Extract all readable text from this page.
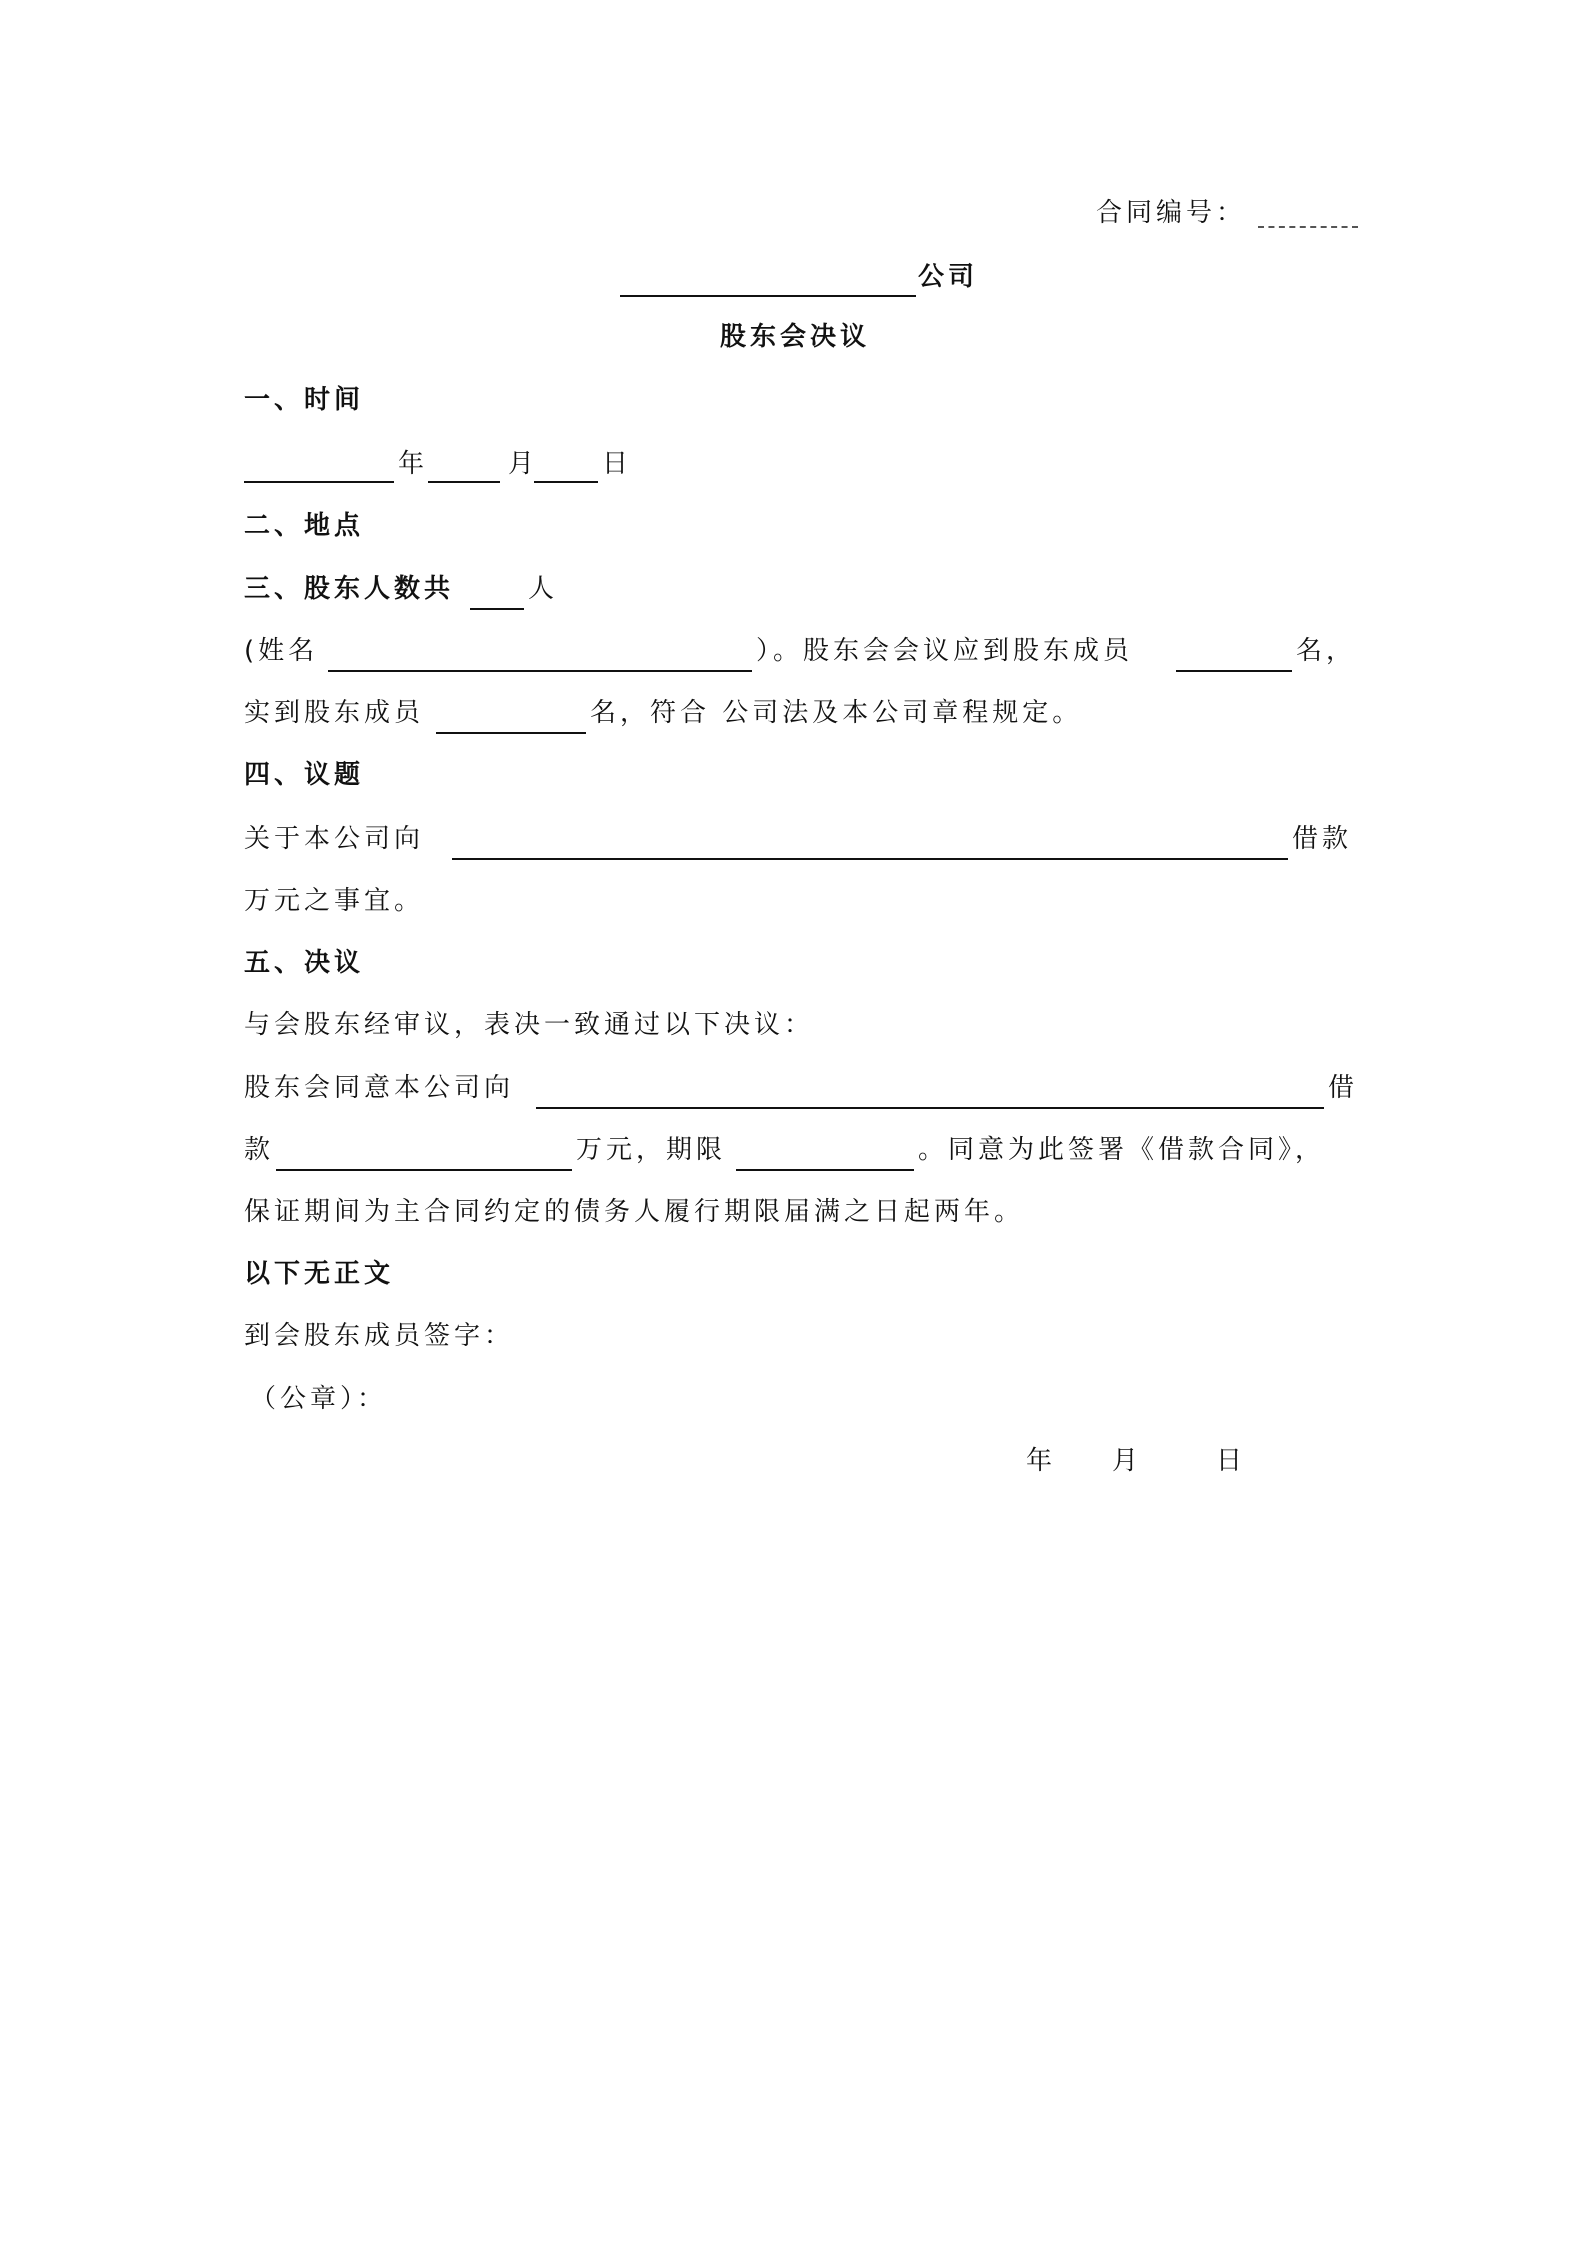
合同编号：
公司
股东会决议
一、时间
年	月 日
二、地点
三、股东人数共	人
(姓名	）。股东会会议应到股东成员	名，
实到股东成员	名，符合 公司法及本公司章程规定。
四、议题
关于本公司向	借款
万元之事宜。
五、决议
与会股东经审议，表决一致通过以下决议：
股东会同意本公司向	借
款	万元，期限	。同意为此签署《借款合同》，
保证期间为主合同约定的债务人履行期限届满之日起两年。
以下无正文
到会股东成员签字：
（公章）：
年 月	日
